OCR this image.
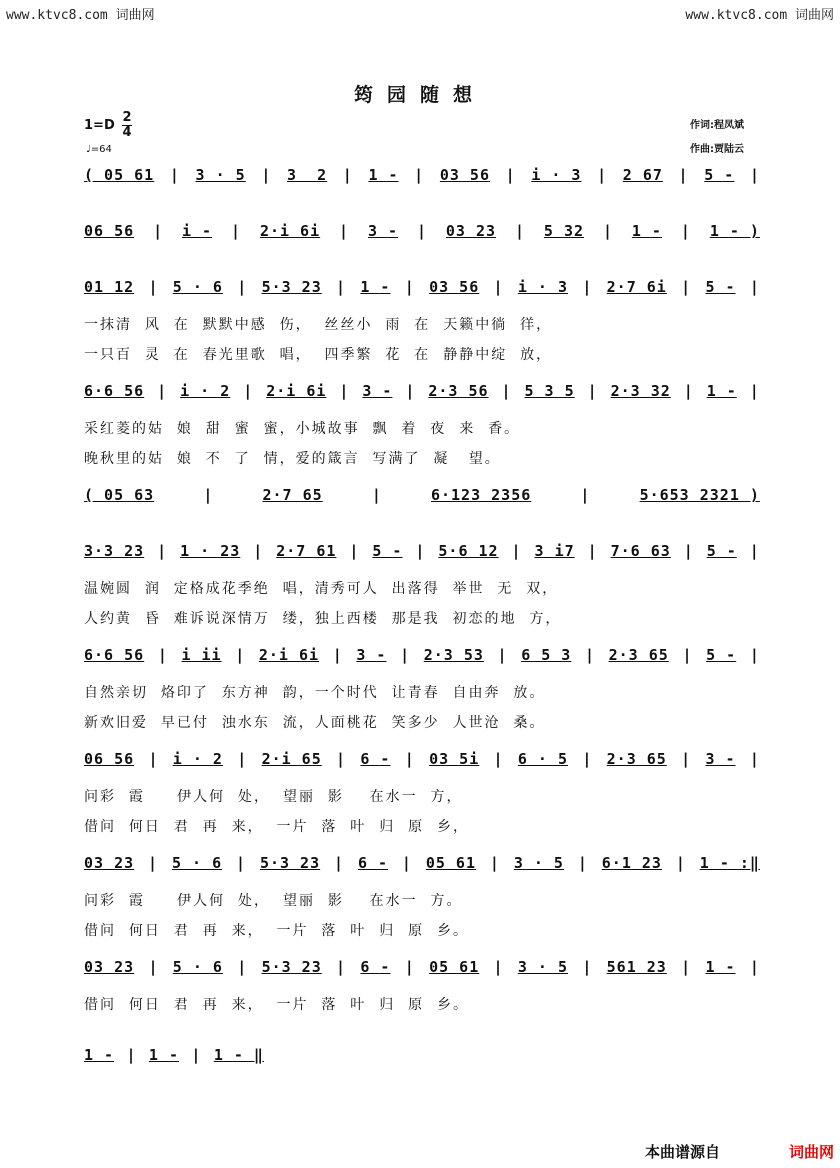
www.ktvc8.com 词曲网	www.ktvc8.com 词曲网
筠园随想
1=D
2
4
♩=64
作词:程凤斌
作曲:贾陆云
( 05 61 | 3 · 5 | 3  2 | 1 - | 03 56 | i · 3 | 2 67 | 5 - |
06 56 | i - | 2·i 6i | 3 - | 03 23 | 5 32 | 1 - | 1 - )
01 12 | 5 · 6 | 5·3 23 | 1 - | 03 56 | i · 3 | 2·7 6i | 5 - |
6·6 56 | i · 2 | 2·i 6i | 3 - | 2·3 56 | 5 3 5 | 2·3 32 | 1 - |
( 05 63	|	2·7 65	|	6·123 2356	|	5·653 2321 )
3·3 23 | 1 · 23 | 2·7 61 | 5 - | 5·6 12 | 3 i7 | 7·6 63 | 5 - |
6·6 56 | i ii | 2·i 6i | 3 - | 2·3 53 | 6 5 3 | 2·3 65 | 5 - |
06 56 | i · 2 | 2·i 65 | 6 - | 03 5i | 6 · 5 | 2·3 65 | 3 - |
03 23 | 5 · 6 | 5·3 23 | 6 - | 05 61 | 3 · 5 | 6·1 23 | 1 - :‖
03 23 | 5 · 6 | 5·3 23 | 6 - | 05 61 | 3 · 5 | 561 23 | 1 - |
1 - | 1 - | 1 - ‖
一抹清  风  在  默默中感  伤，  丝丝小  雨  在  天籁中徜  徉，
一只百  灵  在  春光里歌  唱，  四季繁  花  在  静静中绽  放，
采红菱的姑  娘  甜  蜜  蜜，小城故事  飘  着  夜  来  香。
晚秋里的姑  娘  不  了  情，爱的箴言  写满了  凝   望。
温婉圆  润  定格成花季绝  唱，清秀可人  出落得  举世  无  双，
人约黄  昏  难诉说深情万  缕，独上西楼  那是我  初恋的地  方，
自然亲切  烙印了  东方神  韵，一个时代  让青春  自由奔  放。
新欢旧爱  早已付  浊水东  流，人面桃花  笑多少  人世沧  桑。
问彩  霞     伊人何  处，  望丽  影    在水一  方，
借问  何日  君  再  来，  一片  落  叶  归  原  乡，
问彩  霞     伊人何  处，  望丽  影    在水一  方。
借问  何日  君  再  来，  一片  落  叶  归  原  乡。
借问  何日  君  再  来，  一片  落  叶  归  原  乡。
本曲谱源自	词曲网
